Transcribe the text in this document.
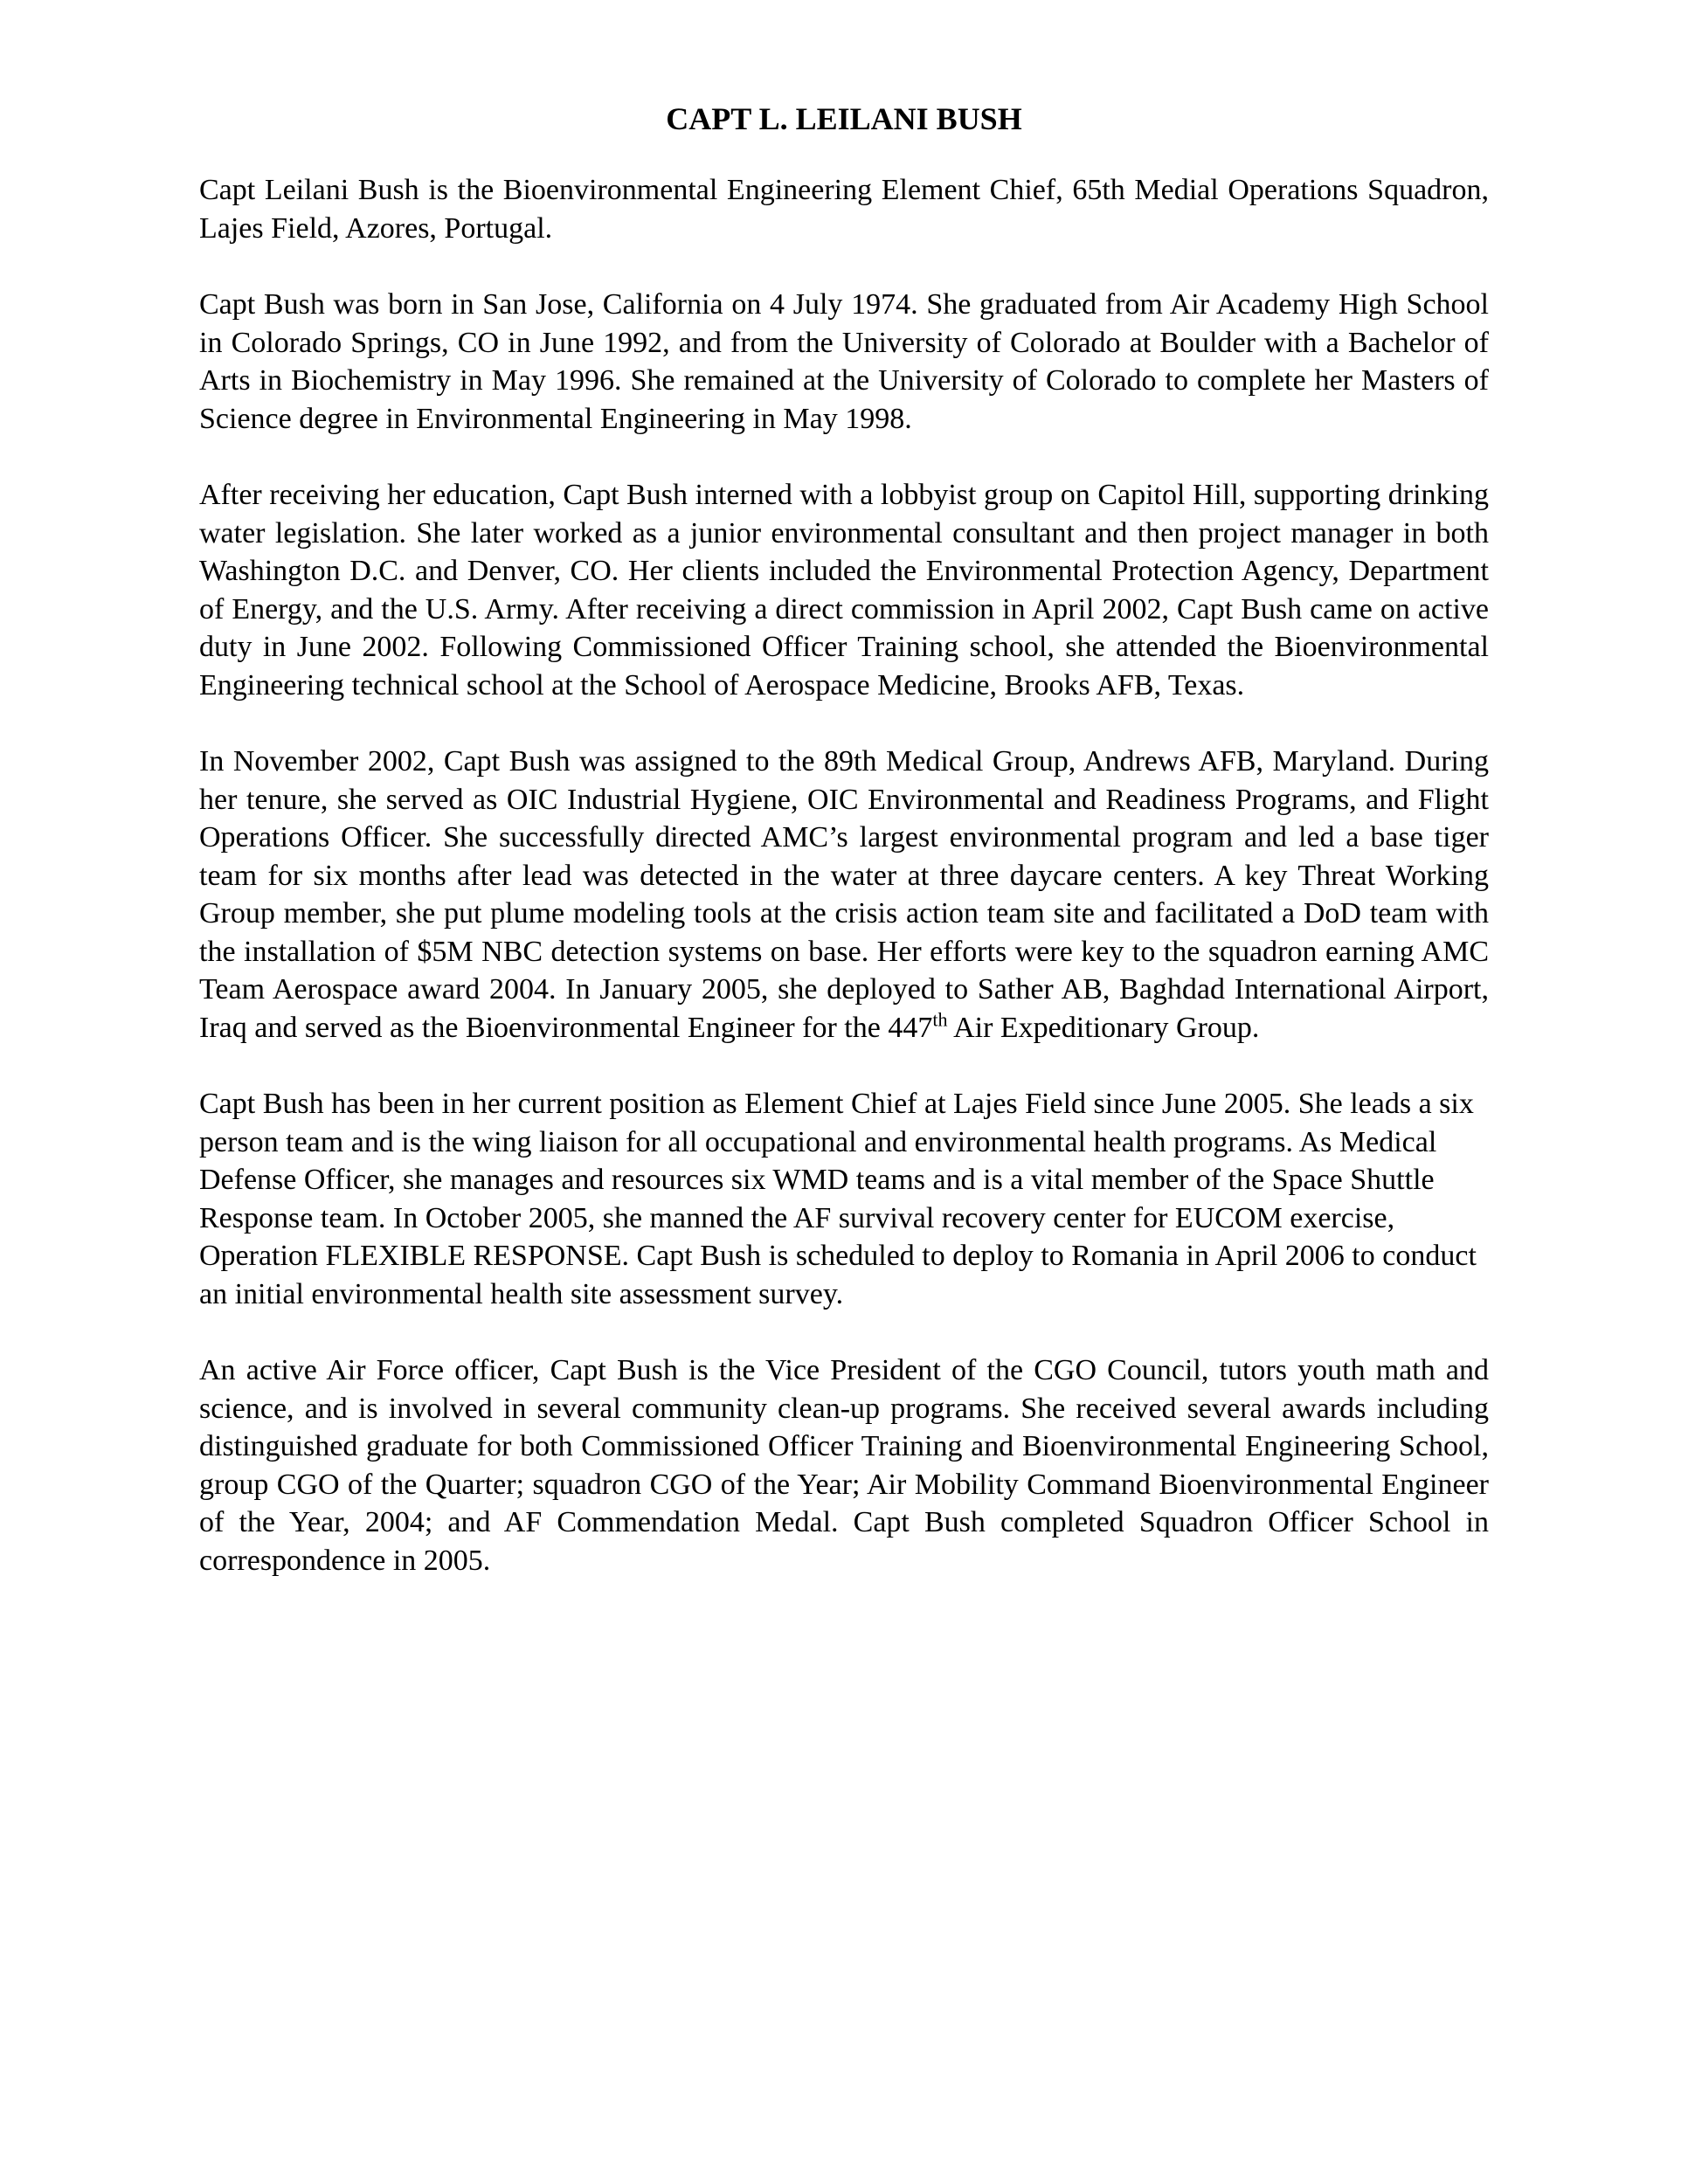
CAPT L. LEILANI BUSH

Capt Leilani Bush is the Bioenvironmental Engineering Element Chief, 65th Medial Operations Squadron, Lajes Field, Azores, Portugal.

Capt Bush was born in San Jose, California on 4 July 1974. She graduated from Air Academy High School in Colorado Springs, CO in June 1992, and from the University of Colorado at Boulder with a Bachelor of Arts in Biochemistry in May 1996. She remained at the University of Colorado to complete her Masters of Science degree in Environmental Engineering in May 1998.

After receiving her education, Capt Bush interned with a lobbyist group on Capitol Hill, supporting drinking water legislation. She later worked as a junior environmental consultant and then project manager in both Washington D.C. and Denver, CO. Her clients included the Environmental Protection Agency, Department of Energy, and the U.S. Army. After receiving a direct commission in April 2002, Capt Bush came on active duty in June 2002. Following Commissioned Officer Training school, she attended the Bioenvironmental Engineering technical school at the School of Aerospace Medicine, Brooks AFB, Texas.

In November 2002, Capt Bush was assigned to the 89th Medical Group, Andrews AFB, Maryland. During her tenure, she served as OIC Industrial Hygiene, OIC Environmental and Readiness Programs, and Flight Operations Officer. She successfully directed AMC’s largest environmental program and led a base tiger team for six months after lead was detected in the water at three daycare centers. A key Threat Working Group member, she put plume modeling tools at the crisis action team site and facilitated a DoD team with the installation of $5M NBC detection systems on base. Her efforts were key to the squadron earning AMC Team Aerospace award 2004. In January 2005, she deployed to Sather AB, Baghdad International Airport, Iraq and served as the Bioenvironmental Engineer for the 447th Air Expeditionary Group.

Capt Bush has been in her current position as Element Chief at Lajes Field since June 2005. She leads a six person team and is the wing liaison for all occupational and environmental health programs. As Medical Defense Officer, she manages and resources six WMD teams and is a vital member of the Space Shuttle Response team. In October 2005, she manned the AF survival recovery center for EUCOM exercise, Operation FLEXIBLE RESPONSE. Capt Bush is scheduled to deploy to Romania in April 2006 to conduct an initial environmental health site assessment survey.

An active Air Force officer, Capt Bush is the Vice President of the CGO Council, tutors youth math and science, and is involved in several community clean-up programs. She received several awards including distinguished graduate for both Commissioned Officer Training and Bioenvironmental Engineering School, group CGO of the Quarter; squadron CGO of the Year; Air Mobility Command Bioenvironmental Engineer of the Year, 2004; and AF Commendation Medal. Capt Bush completed Squadron Officer School in correspondence in 2005.
